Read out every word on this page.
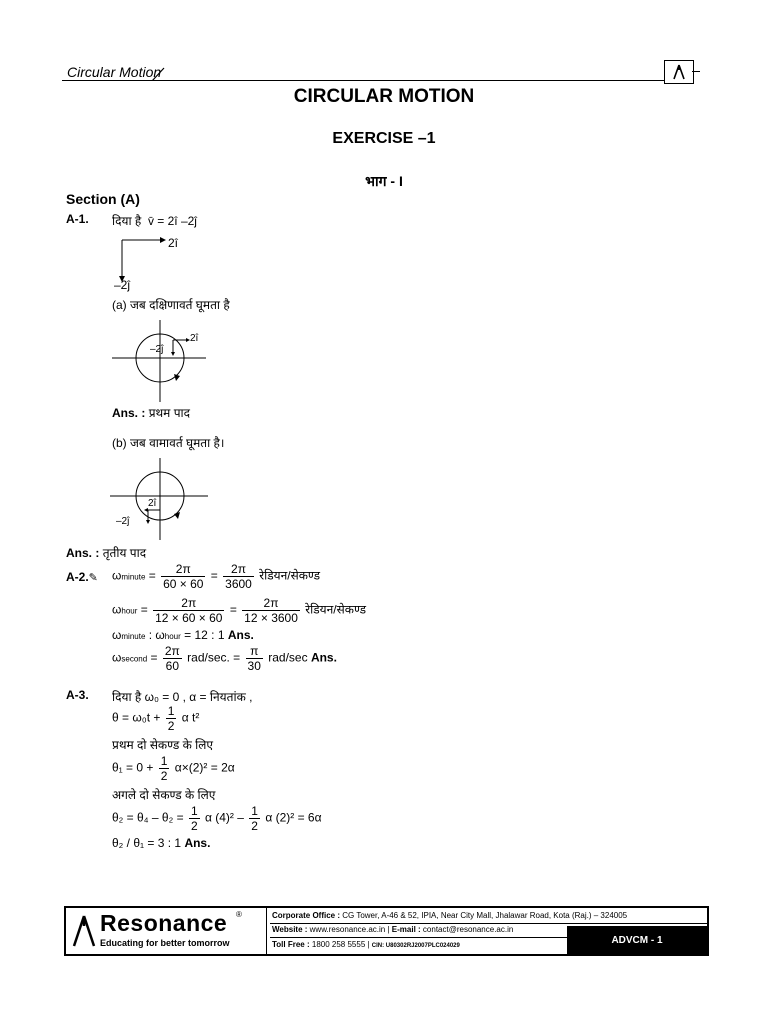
Circular Motion
CIRCULAR MOTION
EXERCISE –1
भाग - I
Section (A)
A-1. दिया है v̄ = 2î –2ĵ
2î
–2ĵ
(a) जब दक्षिणावर्त घूमता है
2î
–2ĵ
Ans. : प्रथम पाद
(b) जब वामावर्त घूमता है।
2î
–2ĵ
Ans. : तृतीय पाद
A-2.✎ ωminute = $\frac{2\pi}{60 \times 60} = \frac{2\pi}{3600}$ रेडियन/सेकण्ड
ωhour = $\frac{2\pi}{12 \times 60 \times 60} = \frac{2\pi}{12 \times 3600}$ रेडियन/सेकण्ड
ωminute : ωhour = 12 : 1 Ans.
ωsecond = $\frac{2\pi}{60} rad/\sec$. = $\frac{\pi}{30} rad/\sec$ Ans.
A-3. दिया है ω₀ = 0 , α = नियतांक ,
$\theta = \omega_0t + \frac{1}{2}$ α t²
प्रथम दो सेकण्ड के लिए
$\theta_1 = 0 + \frac{1}{2} \alpha\times(2)^2 = 2\alpha$
अगले दो सेकण्ड के लिए
$\theta_2 = \theta_4 - \theta_2 = \frac{1}{2}$ α $(4)^2 - \frac{1}{2}$ α (2)² = 6α
θ₂ / θ₁ = 3 : 1 Ans.
Resonance ®
Educating for better tomorrow
Corporate Office : CG Tower, A-46 & 52, IPIA, Near City Mall, Jhalawar Road, Kota (Raj.) – 324005
Website : www.resonance.ac.in | E-mail : contact@resonance.ac.in
Toll Free : 1800 258 5555 | CIN: U80302RJ2007PLC024029
ADVCM - 1
